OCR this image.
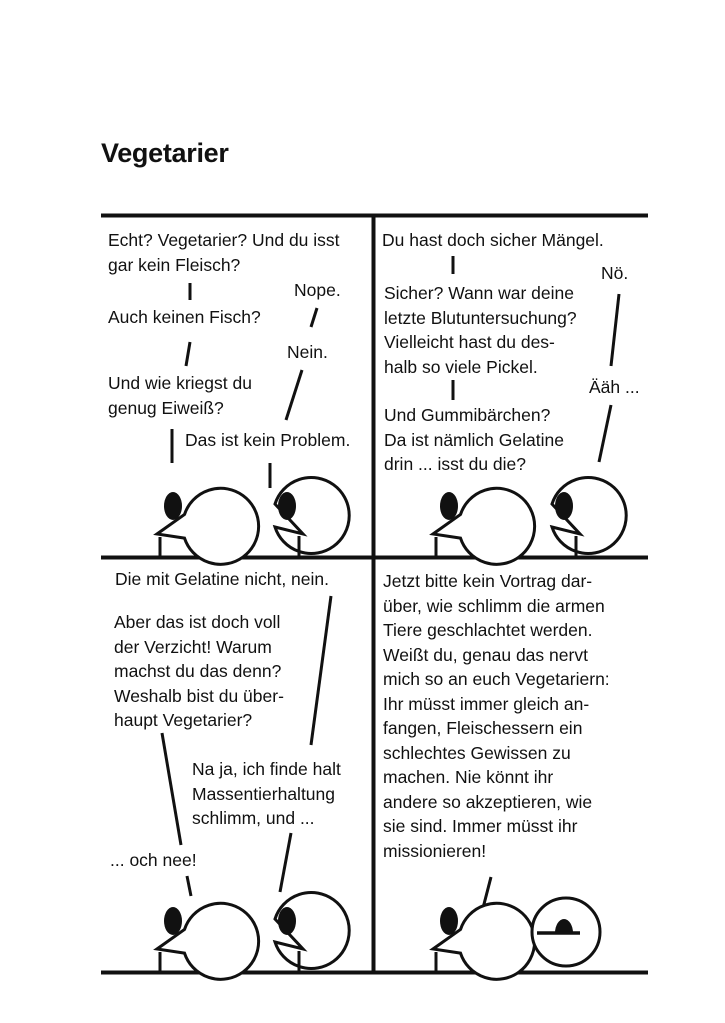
Vegetarier

Echt? Vegetarier? Und du isst
gar kein Fleisch?

Nope.

Auch keinen Fisch?

Nein.

Und wie kriegst du
genug Eiweiß?

Das ist kein Problem.

Du hast doch sicher Mängel.

Nö.

Sicher? Wann war deine
letzte Blutuntersuchung?
Vielleicht hast du des-
halb so viele Pickel.

Ääh ...

Und Gummibärchen?
Da ist nämlich Gelatine
drin ... isst du die?

Die mit Gelatine nicht, nein.

Aber das ist doch voll
der Verzicht! Warum
machst du das denn?
Weshalb bist du über-
haupt Vegetarier?

Na ja, ich finde halt
Massentierhaltung
schlimm, und ...

... och nee!

Jetzt bitte kein Vortrag dar-
über, wie schlimm die armen
Tiere geschlachtet werden.
Weißt du, genau das nervt
mich so an euch Vegetariern:
Ihr müsst immer gleich an-
fangen, Fleischessern ein
schlechtes Gewissen zu
machen. Nie könnt ihr
andere so akzeptieren, wie
sie sind. Immer müsst ihr
missionieren!
